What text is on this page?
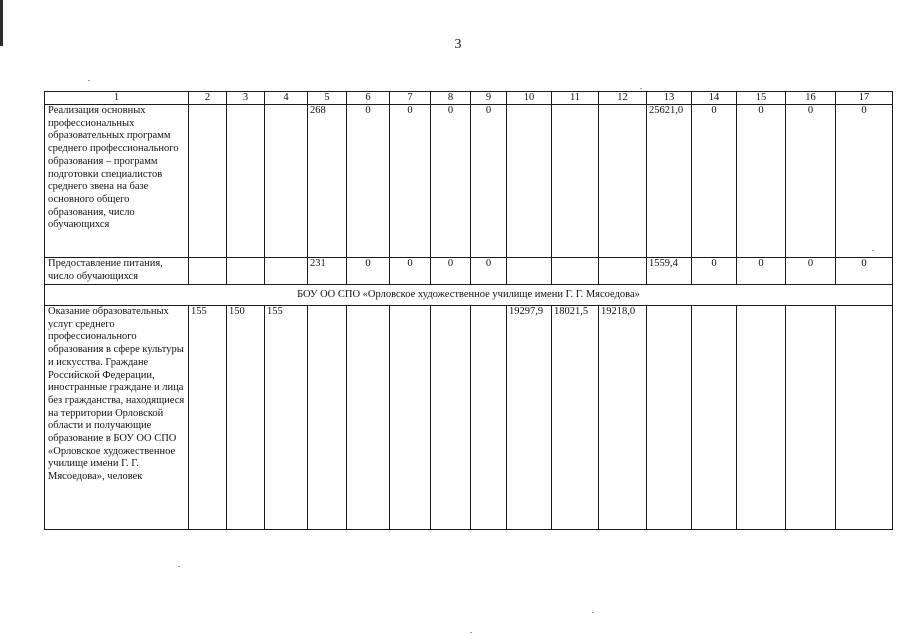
3
1	2	3	4	5	6	7	8	9	10	11	12	13	14	15	16	17
Реализация основных профессиональных образовательных программ среднего профессионального образования – программ подготовки специалистов среднего звена на базе основного общего образования, число обучающихся				268	0	0	0	0				25621,0	0	0	0	0
Предоставление питания, число обучающихся				231	0	0	0	0				1559,4	0	0	0	0
БОУ ОО СПО «Орловское художественное училище имени Г. Г. Мясоедова»																
Оказание образовательных услуг среднего профессионального образования в сфере культуры и искусства. Граждане Российской Федерации, иностранные граждане и лица без гражданства, находящиеся на территории Орловской области и получающие образование в БОУ ОО СПО «Орловское художественное училище имени Г. Г. Мясоедова», человек	155	150	155						19297,9	18021,5	19218,0					
